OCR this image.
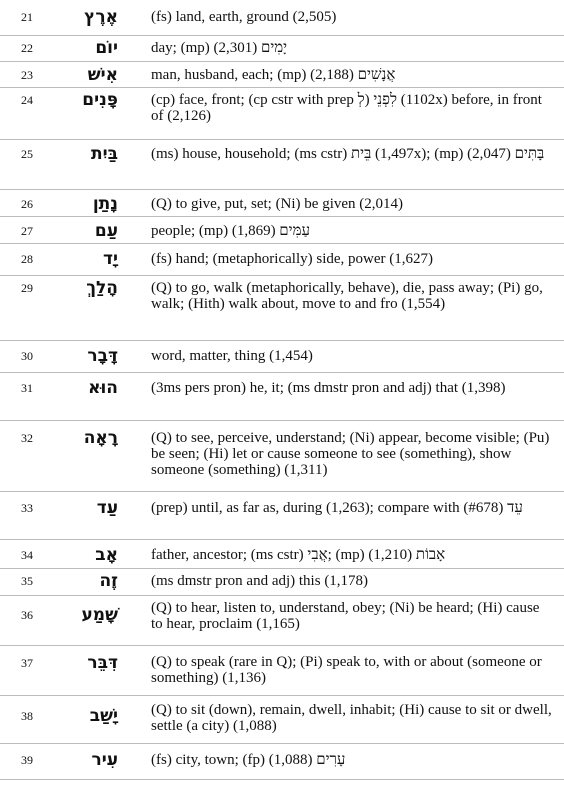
21	אֶרֶץ (fs) land, earth, ground (2,505)
22	יוֹם day; (mp) יָמִים (2,301)
23	אִישׁ man, husband, each; (mp) אֲנָשִׁים (2,188)
24	פָּנִים (cp) face, front; (cp cstr with prep לְ) לִפְנֵי (1102x) before, in front of (2,126)
25	בַּיִת (ms) house, household; (ms cstr) בֵּית (1,497x); (mp) בָּתִּים (2,047)
26	נָתַן (Q) to give, put, set; (Ni) be given (2,014)
27	עַם people; (mp) עַמִּים (1,869)
28	יָד (fs) hand; (metaphorically) side, power (1,627)
29	הָלַךְ (Q) to go, walk (metaphorically, behave), die, pass away; (Pi) go, walk; (Hith) walk about, move to and fro (1,554)
30	דָּבָר word, matter, thing (1,454)
31	הוּא (3ms pers pron) he, it; (ms dmstr pron and adj) that (1,398)
32	רָאָה (Q) to see, perceive, understand; (Ni) appear, become visible; (Pu) be seen; (Hi) let or cause someone to see (something), show someone (something) (1,311)
33	עַד (prep) until, as far as, during (1,263); compare with עֵד (#678)
34	אָב father, ancestor; (ms cstr) אֲבִי; (mp) אָבוֹת (1,210)
35	זֶה (ms dmstr pron and adj) this (1,178)
36	שָׁמַע (Q) to hear, listen to, understand, obey; (Ni) be heard; (Hi) cause to hear, proclaim (1,165)
37	דִּבֵּר (Q) to speak (rare in Q); (Pi) speak to, with or about (someone or something) (1,136)
38	יָשַׁב (Q) to sit (down), remain, dwell, inhabit; (Hi) cause to sit or dwell, settle (a city) (1,088)
39	עִיר (fs) city, town; (fp) עָרִים (1,088)
